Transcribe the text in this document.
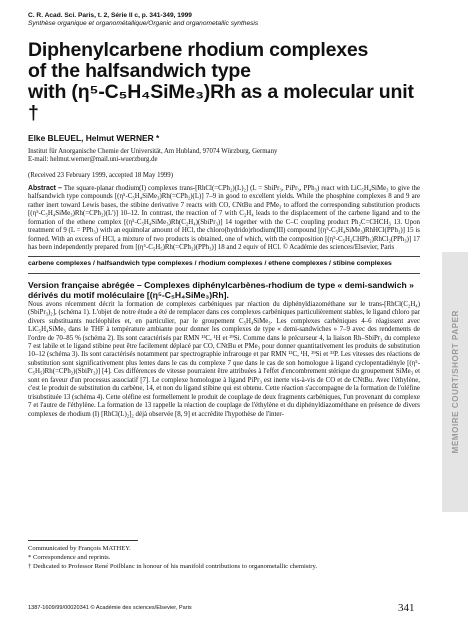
C. R. Acad. Sci. Paris, t. 2, Série II c, p. 341-349, 1999
Synthèse organique et organométallique/Organic and organometallic synthesis
Diphenylcarbene rhodium complexes
of the halfsandwich type
with (η⁵-C₅H₄SiMe₃)Rh as a molecular unit †
Elke BLEUEL, Helmut WERNER *
Institut für Anorganische Chemie der Universität, Am Hubland, 97074 Würzburg, Germany
E-mail: helmut.werner@mail.uni-wuerzburg.de
(Received 23 February 1999, accepted 18 May 1999)
Abstract – The square-planar rhodium(I) complexes trans-[RhCl(=CPh₂)(L)₂] (L = SbiPr₃, PiPr₃, PPh₃) react with LiC₅H₄SiMe₃ to give the halfsandwich type compounds [(η⁵-C₅H₄SiMe₃)Rh(=CPh₂)(L)] 7–9 in good to excellent yields. While the phosphine complexes 8 and 9 are rather inert toward Lewis bases, the stibine derivative 7 reacts with CO, CNtBu and PMe₃ to afford the corresponding substitution products [(η⁵-C₅H₄SiMe₃)Rh(=CPh₂)(L')] 10–12. In contrast, the reaction of 7 with C₂H₄ leads to the displacement of the carbene ligand and to the formation of the ethene complex [(η⁵-C₅H₄SiMe₃)Rh(C₂H₄)(SbiPr₃)] 14 together with the C–C coupling product Ph₂C=CHCH₃ 13. Upon treatment of 9 (L = PPh₃) with an equimolar amount of HCl, the chloro(hydrido)rhodium(III) compound [(η⁵-C₅H₄SiMe₃)RhHCl(PPh₃)] 15 is formed. With an excess of HCl, a mixture of two products is obtained, one of which, with the composition [(η⁵-C₅H₄CHPh₂)RhCl₂(PPh₃)] 17 has been independently prepared from [(η⁵-C₅H₅)Rh(=CPh₂)(PPh₃)] 18 and 2 equiv of HCl. © Académie des sciences/Elsevier, Paris
carbene complexes / halfsandwich type complexes / rhodium complexes / ethene complexes / stibine complexes
Version française abrégée – Complexes diphénylcarbènes-rhodium de type « demi-sandwich » dérivés du motif moléculaire [(η⁵-C₅H₄SiMe₃)Rh].
Nous avons récemment décrit la formation de complexes carbéniques par réaction du diphényldiazométhane sur le trans-[RhCl(C₂H₄)(SbiPr₃)₂], (schéma 1). L'objet de notre étude a été de remplacer dans ces complexes carbéniques particulièrement stables, le ligand chloro par divers substituants nucléophiles et, en particulier, par le groupement C₅H₄SiMe₃. Les complexes carbéniques 4–6 réagissent avec LiC₅H₄SiMe₃ dans le THF à température ambiante pour donner les complexes de type « demi-sandwiches » 7–9 avec des rendements de l'ordre de 70–85 % (schéma 2). Ils sont caractérisés par RMN ¹³C, ¹H et ²⁹Si. Comme dans le précurseur 4, la liaison Rh–SbiPr₃ du complexe 7 est labile et le ligand stibine peut être facilement déplacé par CO, CNtBu et PMe₃ pour donner quantitativement les produits de substitution 10–12 (schéma 3). Ils sont caractérisés notamment par spectrographie infrarouge et par RMN ¹³C, ¹H, ²⁹Si et ³¹P. Les vitesses des réactions de substitution sont significativement plus lentes dans le cas du complexe 7 que dans le cas de son homologue à ligand cyclopentadiényle [(η⁵-C₅H₅)Rh(=CPh₂)(SbiPr₃)] [4]. Ces différences de vitesse pourraient être attribuées à l'effet d'encombrement stérique du groupement SiMe₃ et sont en faveur d'un processus associatif [7]. Le complexe homologue à ligand PiPr₃ est inerte vis-à-vis de CO et de CNtBu. Avec l'éthylène, c'est le produit de substitution du carbène, 14, et non du ligand stibine qui est obtenu. Cette réaction s'accompagne de la formation de l'oléfine trisubstituée 13 (schéma 4). Cette oléfine est formellement le produit de couplage de deux fragments carbéniques, l'un provenant du complexe 7 et l'autre de l'éthylène. La formation de 13 rappelle la réaction de couplage de l'éthylène et du diphényldiazométhane en présence de divers complexes de rhodium (I) [RhCl(L)₂]₂ déjà observée [8, 9] et accrédite l'hypothèse de l'inter-
Communicated by François MATHEY.
* Correspondence and reprints.
† Dedicated to Professor René Poilblanc in honour of his manifold contributions to organometallic chemistry.
1387-1609/99/00020341 © Académie des sciences/Elsevier, Paris	341
MÉMOIRE COURT/SHORT PAPER
